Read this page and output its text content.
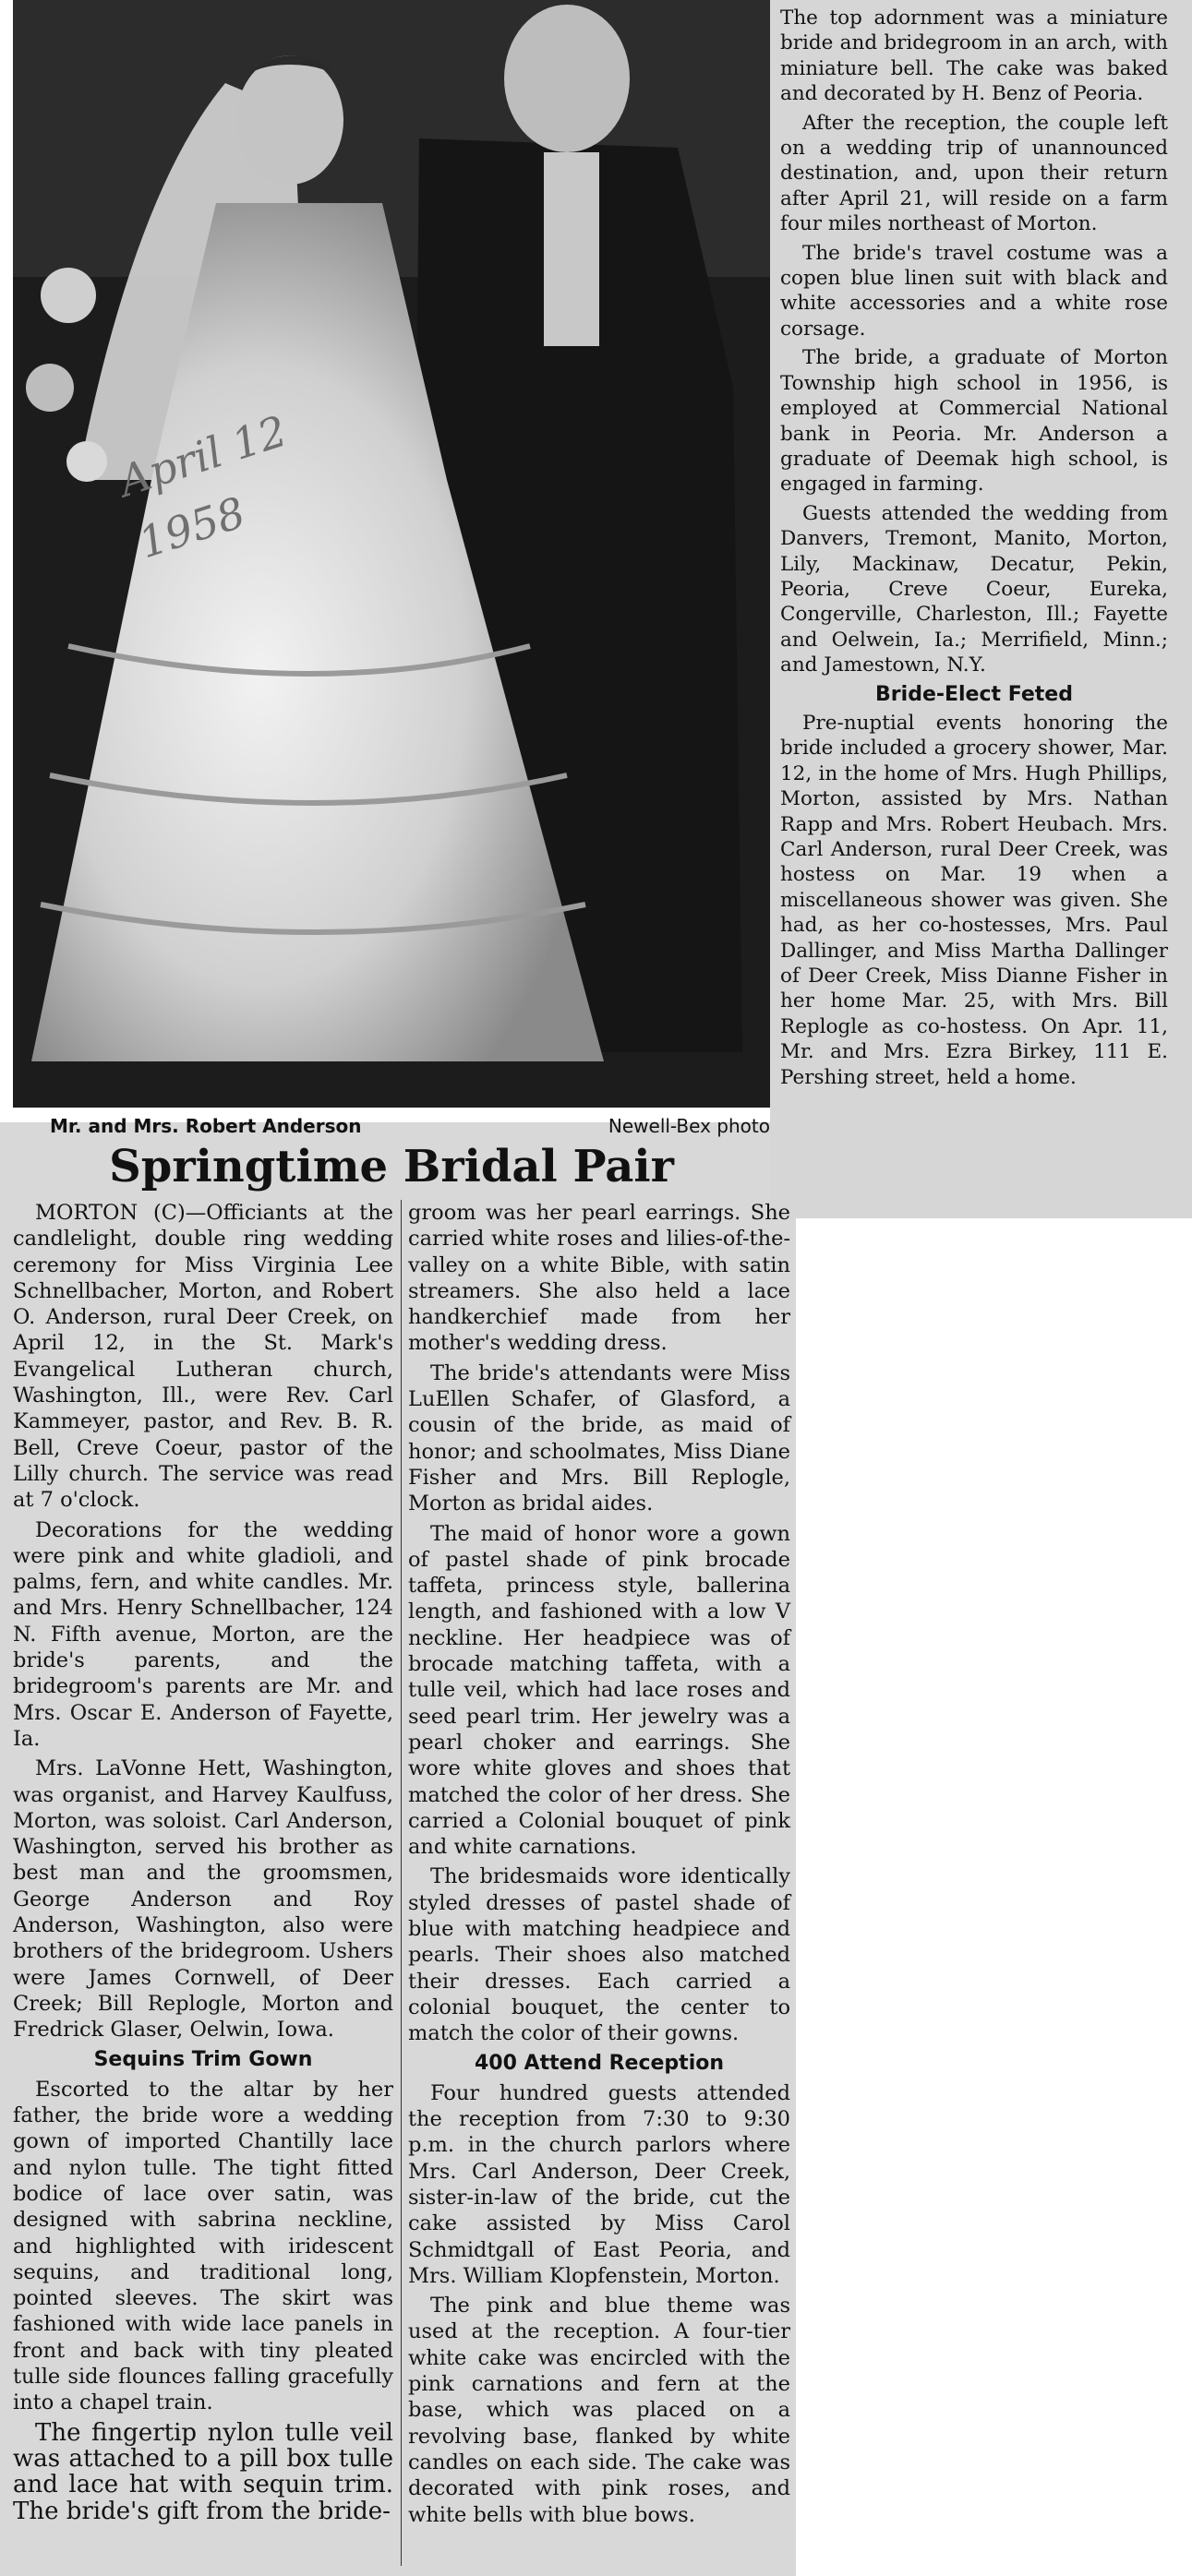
April 12 1958
Mr. and Mrs. Robert Anderson	Newell-Bex photo
Springtime Bridal Pair

The top adornment was a miniature bride and bridegroom in an arch, with miniature bell. The cake was baked and decorated by H. Benz of Peoria.

After the reception, the couple left on a wedding trip of unannounced destination, and, upon their return after April 21, will reside on a farm four miles northeast of Morton.

The bride's travel costume was a copen blue linen suit with black and white accessories and a white rose corsage.

The bride, a graduate of Morton Township high school in 1956, is employed at Commercial National bank in Peoria. Mr. Anderson a graduate of Deemak high school, is engaged in farming.

Guests attended the wedding from Danvers, Tremont, Manito, Morton, Lily, Mackinaw, Decatur, Pekin, Peoria, Creve Coeur, Eureka, Congerville, Charleston, Ill.; Fayette and Oelwein, Ia.; Merrifield, Minn.; and Jamestown, N.Y.

Bride-Elect Feted

Pre-nuptial events honoring the bride included a grocery shower, Mar. 12, in the home of Mrs. Hugh Phillips, Morton, assisted by Mrs. Nathan Rapp and Mrs. Robert Heubach. Mrs. Carl Anderson, rural Deer Creek, was hostess on Mar. 19 when a miscellaneous shower was given. She had, as her co-hostesses, Mrs. Paul Dallinger, and Miss Martha Dallinger of Deer Creek, Miss Dianne Fisher in her home Mar. 25, with Mrs. Bill Replogle as co-hostess. On Apr. 11, Mr. and Mrs. Ezra Birkey, 111 E. Pershing street, held a home.

MORTON (C)—Officiants at the candlelight, double ring wedding ceremony for Miss Virginia Lee Schnellbacher, Morton, and Robert O. Anderson, rural Deer Creek, on April 12, in the St. Mark's Evangelical Lutheran church, Washington, Ill., were Rev. Carl Kammeyer, pastor, and Rev. B. R. Bell, Creve Coeur, pastor of the Lilly church. The service was read at 7 o'clock.

Decorations for the wedding were pink and white gladioli, and palms, fern, and white candles. Mr. and Mrs. Henry Schnellbacher, 124 N. Fifth avenue, Morton, are the bride's parents, and the bridegroom's parents are Mr. and Mrs. Oscar E. Anderson of Fayette, Ia.

Mrs. LaVonne Hett, Washington, was organist, and Harvey Kaulfuss, Morton, was soloist. Carl Anderson, Washington, served his brother as best man and the groomsmen, George Anderson and Roy Anderson, Washington, also were brothers of the bridegroom. Ushers were James Cornwell, of Deer Creek; Bill Replogle, Morton and Fredrick Glaser, Oelwin, Iowa.

Sequins Trim Gown

Escorted to the altar by her father, the bride wore a wedding gown of imported Chantilly lace and nylon tulle. The tight fitted bodice of lace over satin, was designed with sabrina neckline, and highlighted with iridescent sequins, and traditional long, pointed sleeves. The skirt was fashioned with wide lace panels in front and back with tiny pleated tulle side flounces falling gracefully into a chapel train.

The fingertip nylon tulle veil was attached to a pill box tulle and lace hat with sequin trim. The bride's gift from the bride-

groom was her pearl earrings. She carried white roses and lilies-of-the-valley on a white Bible, with satin streamers. She also held a lace handkerchief made from her mother's wedding dress.

The bride's attendants were Miss LuEllen Schafer, of Glasford, a cousin of the bride, as maid of honor; and schoolmates, Miss Diane Fisher and Mrs. Bill Replogle, Morton as bridal aides.

The maid of honor wore a gown of pastel shade of pink brocade taffeta, princess style, ballerina length, and fashioned with a low V neckline. Her headpiece was of brocade matching taffeta, with a tulle veil, which had lace roses and seed pearl trim. Her jewelry was a pearl choker and earrings. She wore white gloves and shoes that matched the color of her dress. She carried a Colonial bouquet of pink and white carnations.

The bridesmaids wore identically styled dresses of pastel shade of blue with matching headpiece and pearls. Their shoes also matched their dresses. Each carried a colonial bouquet, the center to match the color of their gowns.

400 Attend Reception

Four hundred guests attended the reception from 7:30 to 9:30 p.m. in the church parlors where Mrs. Carl Anderson, Deer Creek, sister-in-law of the bride, cut the cake assisted by Miss Carol Schmidtgall of East Peoria, and Mrs. William Klopfenstein, Morton.

The pink and blue theme was used at the reception. A four-tier white cake was encircled with the pink carnations and fern at the base, which was placed on a revolving base, flanked by white candles on each side. The cake was decorated with pink roses, and white bells with blue bows.
